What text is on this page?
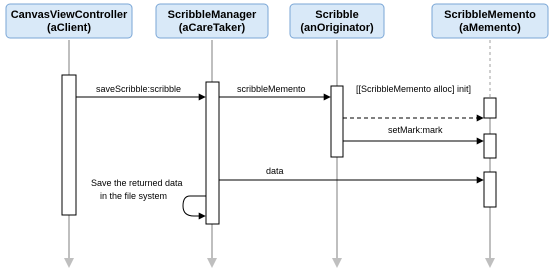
CanvasViewController
(aClient)
ScribbleManager
(aCareTaker)
Scribble
(anOriginator)
ScribbleMemento
(aMemento)
saveScribble:scribble	scribbleMemento	[[ScribbleMemento alloc] init]
setMark:mark
data
Save the returned data
in the file system
